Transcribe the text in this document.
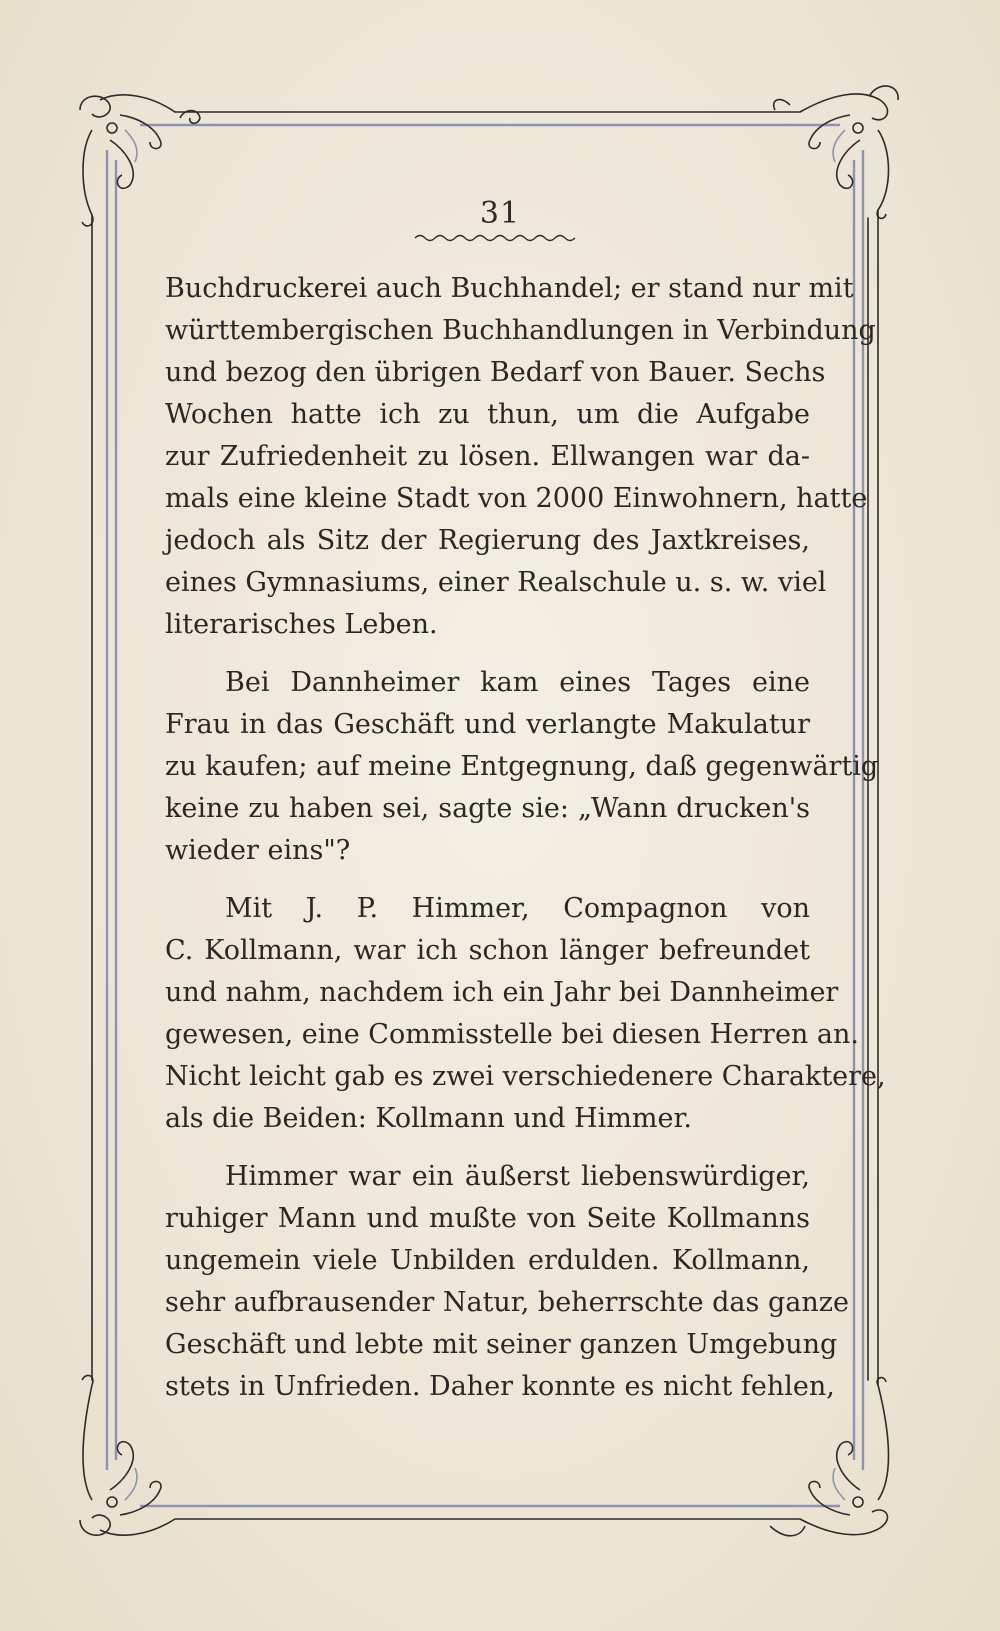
31
Buchdruckerei auch Buchhandel; er stand nur mit
württembergischen Buchhandlungen in Verbindung
und bezog den übrigen Bedarf von Bauer. Sechs
Wochen hatte ich zu thun, um die Aufgabe
zur Zufriedenheit zu lösen. Ellwangen war da-
mals eine kleine Stadt von 2000 Einwohnern, hatte
jedoch als Sitz der Regierung des Jaxtkreises,
eines Gymnasiums, einer Realschule u. s. w. viel
literarisches Leben.
Bei Dannheimer kam eines Tages eine
Frau in das Geschäft und verlangte Makulatur
zu kaufen; auf meine Entgegnung, daß gegenwärtig
keine zu haben sei, sagte sie: „Wann drucken's
wieder eins"?
Mit J. P. Himmer, Compagnon von
C. Kollmann, war ich schon länger befreundet
und nahm, nachdem ich ein Jahr bei Dannheimer
gewesen, eine Commisstelle bei diesen Herren an.
Nicht leicht gab es zwei verschiedenere Charaktere,
als die Beiden: Kollmann und Himmer.
Himmer war ein äußerst liebenswürdiger,
ruhiger Mann und mußte von Seite Kollmanns
ungemein viele Unbilden erdulden. Kollmann,
sehr aufbrausender Natur, beherrschte das ganze
Geschäft und lebte mit seiner ganzen Umgebung
stets in Unfrieden. Daher konnte es nicht fehlen,
